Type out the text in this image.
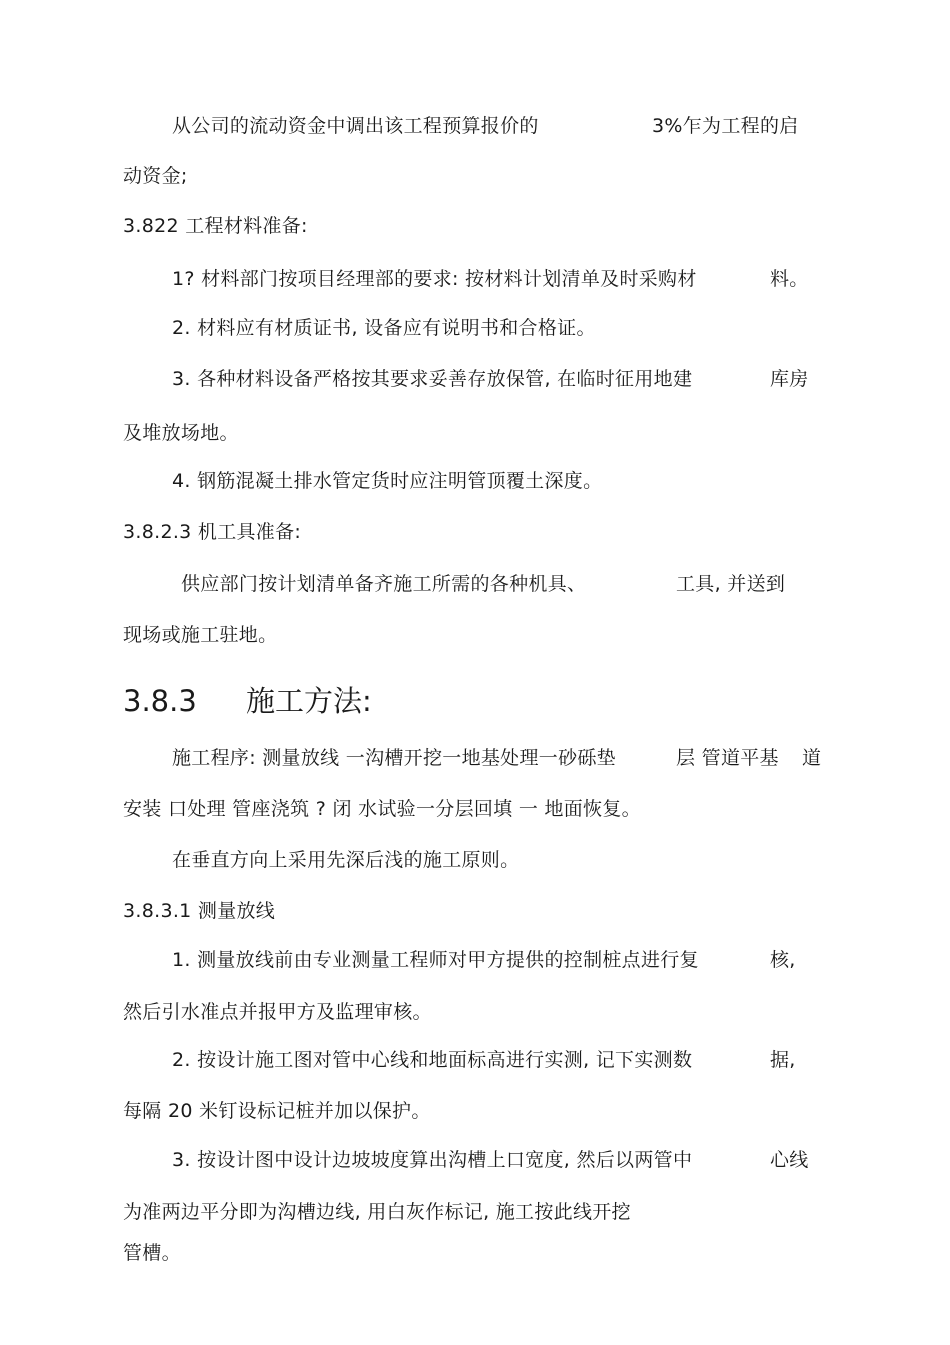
从公司的流动资金中调出该工程预算报价的	3%乍为工程的启
动资金;
3.822 工程材料准备:
1? 材料部门按项目经理部的要求: 按材料计划清单及时采购材	料。
2. 材料应有材质证书, 设备应有说明书和合格证。
3. 各种材料设备严格按其要求妥善存放保管, 在临时征用地建	库房
及堆放场地。
4. 钢筋混凝土排水管定货时应注明管顶覆土深度。
3.8.2.3 机工具准备:
供应部门按计划清单备齐施工所需的各种机具、	工具, 并送到
现场或施工驻地。
3.8.3 施工方法:
施工程序: 测量放线 一沟槽开挖一地基处理一砂砾垫	层 管道平基 道
安装 口处理 管座浇筑 ? 闭 水试验一分层回填 一 地面恢复。
在垂直方向上采用先深后浅的施工原则。
3.8.3.1 测量放线
1. 测量放线前由专业测量工程师对甲方提供的控制桩点进行复	核,
然后引水准点并报甲方及监理审核。
2. 按设计施工图对管中心线和地面标高进行实测, 记下实测数	据,
每隔 20 米钉设标记桩并加以保护。
3. 按设计图中设计边坡坡度算出沟槽上口宽度, 然后以两管中	心线
为准两边平分即为沟槽边线, 用白灰作标记, 施工按此线开挖
管槽。
